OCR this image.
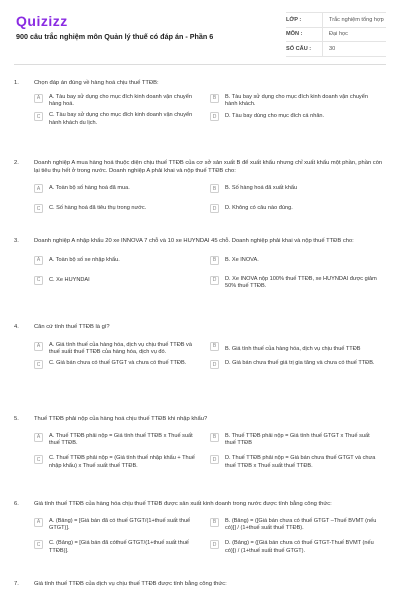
Quizizz
900 câu trắc nghiệm môn Quản lý thuế có đáp án - Phần 6
LỚP :	Trắc nghiệm tổng hợp
MÔN :	Đại học
SỐ CÂU :	30
1.	Chọn đáp án đúng về hàng hoá chịu thuế TTĐB:
A	A. Tàu bay sử dụng cho mục đích kinh doanh vận chuyển hàng hoá.
B	B. Tàu bay sử dụng cho mục đích kinh doanh vận chuyển hành khách.
C	C. Tàu bay sử dụng cho mục đích kinh doanh vận chuyển hành khách du lịch.
D	D. Tàu bay dùng cho mục đích cá nhân.
2.	Doanh nghiệp A mua hàng hoá thuộc diện chịu thuế TTĐB của cơ sở sản xuất B để xuất khẩu nhưng chỉ xuất khẩu một phần, phần còn lại tiêu thụ hết ở trong nước. Doanh nghiệp A phải khai và nộp thuế TTĐB cho:
A	A. Toàn bộ số hàng hoá đã mua.	B	B. Số hàng hoá đã xuất khẩu
C	C. Số hàng hoá đã tiêu thụ trong nước.	D	D. Không có câu nào đúng.
3.	Doanh nghiệp A nhập khẩu 20 xe INNOVA 7 chỗ và 10 xe HUYNDAI 45 chỗ. Doanh nghiệp phải khai và nộp thuế TTĐB cho:
A	A. Toàn bộ số xe nhập khẩu.	B	B. Xe INOVA.
C	C. Xe HUYNDAI	D	D. Xe INOVA nộp 100% thuế TTĐB, xe HUYNDAI được giảm 50% thuế TTĐB.
4.	Căn cứ tính thuế TTĐB là gì?
A	A. Giá tính thuế của hàng hóa, dịch vụ chịu thuế TTĐB và thuế suất thuế TTĐB của hàng hóa, dịch vụ đó.
B	B. Giá tính thuế của hàng hóa, dịch vụ chịu thuế TTĐB
C	C. Giá bán chưa có thuế GTGT và chưa có thuế TTĐB.	D	D. Giá bán chưa thuế giá trị gia tăng và chưa có thuế TTĐB.
5.	Thuế TTĐB phải nộp của hàng hoá chịu thuế TTĐB khi nhập khẩu?
A	A. Thuế TTĐB phải nộp = Giá tính thuế TTĐB x Thuế suất thuế TTĐB.
B	B. Thuế TTĐB phải nộp = Giá tính thuế GTGT x Thuế suất thuế TTĐB
C	C. Thuế TTĐB phải nộp = (Giá tính thuế nhập khẩu + Thuế nhập khẩu) x Thuế suất thuế TTĐB.
D	D. Thuế TTĐB phải nộp = Giá bán chưa thuế GTGT và chưa thuế TTĐB x Thuế suất thuế TTĐB.
6.	Giá tính thuế TTĐB của hàng hóa chịu thuế TTĐB được sản xuất kinh doanh trong nước được tính bằng công thức:
A	A. (Bảng) = [Giá bán đã có thuế GTGT/(1+thuế suất thuế GTGT)].
B	B. (Bảng) = ([Giá bán chưa có thuế GTGT –Thuế BVMT (nếu có)]] / (1+thuế suất thuế TTĐB).
C	C. (Bảng) = [Giá bán đã cóthuế GTGT/(1+thuế suất thuế TTĐB)].
D	D. (Bảng) = ([Giá bán chưa có thuế GTGT-Thuế BVMT (nếu có)]) / (1+thuế suất thuế GTGT).
7.	Giá tính thuế TTĐB của dịch vụ chịu thuế TTĐB được tính bằng công thức:
